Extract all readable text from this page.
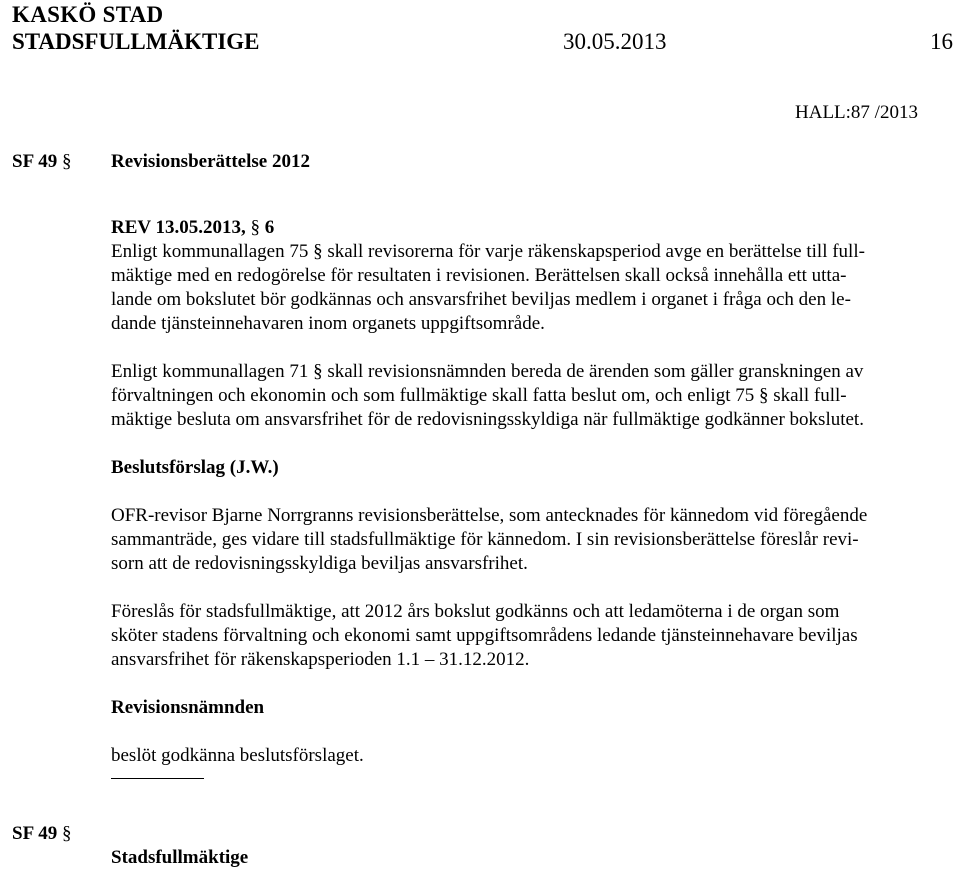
KASKÖ STAD
STADSFULLMÄKTIGE	30.05.2013	16
HALL:87 /2013
SF 49 § Revisionsberättelse 2012

REV 13.05.2013, § 6

Enligt kommunallagen 75 § skall revisorerna för varje räkenskapsperiod avge en berättelse till full-
mäktige med en redogörelse för resultaten i revisionen. Berättelsen skall också innehålla ett utta-
lande om bokslutet bör godkännas och ansvarsfrihet beviljas medlem i organet i fråga och den le-
dande tjänsteinnehavaren inom organets uppgiftsområde.

Enligt kommunallagen 71 § skall revisionsnämnden bereda de ärenden som gäller granskningen av
förvaltningen och ekonomin och som fullmäktige skall fatta beslut om, och enligt 75 § skall full-
mäktige besluta om ansvarsfrihet för de redovisningsskyldiga när fullmäktige godkänner bokslutet.

Beslutsförslag (J.W.)

OFR-revisor Bjarne Norrgranns revisionsberättelse, som antecknades för kännedom vid föregående
sammanträde, ges vidare till stadsfullmäktige för kännedom. I sin revisionsberättelse föreslår revi-
sorn att de redovisningsskyldiga beviljas ansvarsfrihet.

Föreslås för stadsfullmäktige, att 2012 års bokslut godkänns och att ledamöterna i de organ som
sköter stadens förvaltning och ekonomi samt uppgiftsområdens ledande tjänsteinnehavare beviljas
ansvarsfrihet för räkenskapsperioden 1.1 – 31.12.2012.

Revisionsnämnden

beslöt godkänna beslutsförslaget.

SF 49 §
Stadsfullmäktige
